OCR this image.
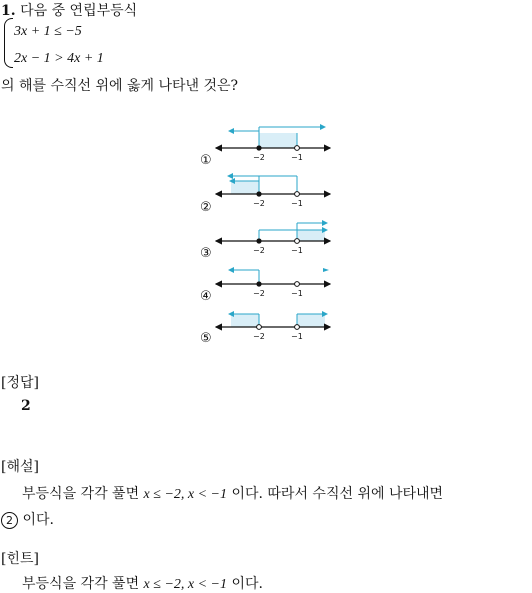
1. 다음 중 연립부등식
3x + 1 ≤ −5
2x − 1 > 4x + 1
의 해를 수직선 위에 옳게 나타낸 것은?
①	−2	−1
②	−2	−1
③	−2	−1
④	−2	−1
⑤	−2	−1
[정답]
2
[해설]
부등식을 각각 풀면 x ≤ −2, x < −1 이다. 따라서 수직선 위에 나타내면
2 이다.
[힌트]
부등식을 각각 풀면 x ≤ −2, x < −1 이다.
